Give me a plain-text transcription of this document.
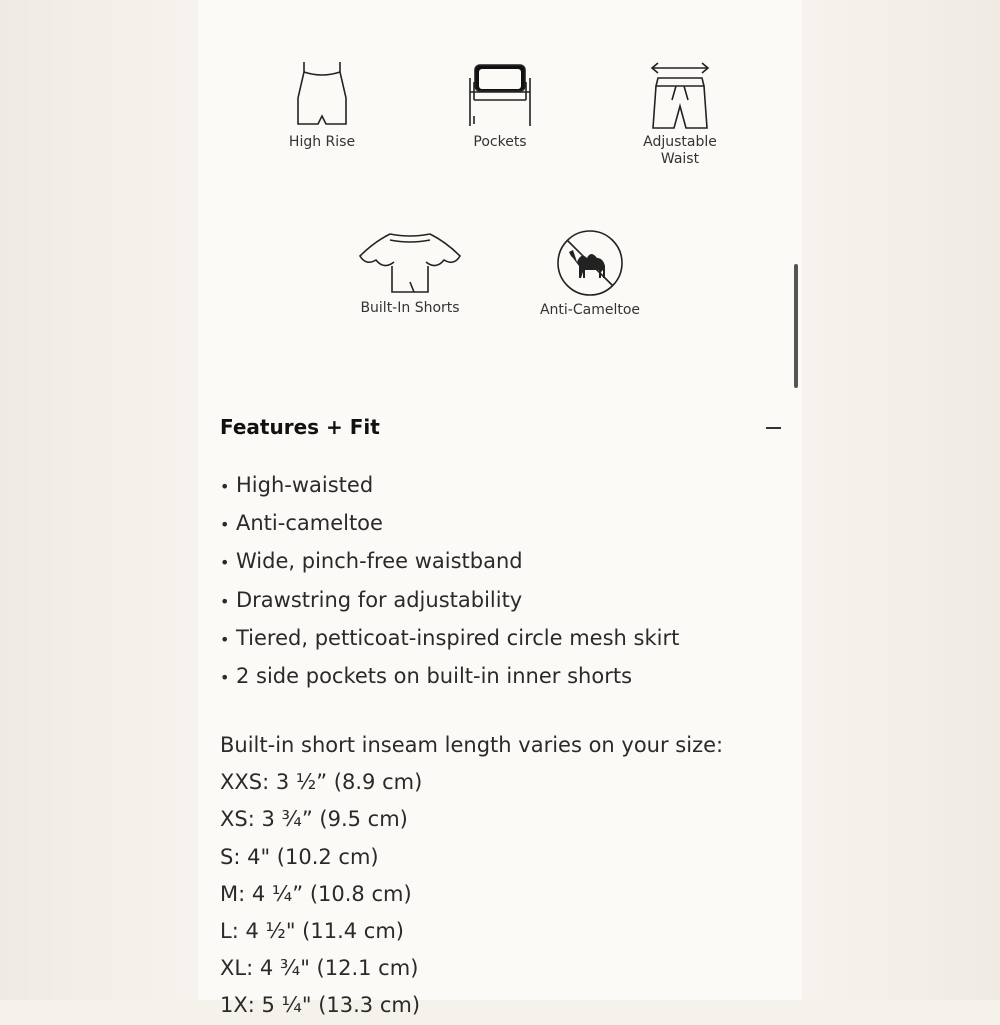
High Rise	Pockets	Adjustable
Waist
Built-In Shorts	Anti-Cameltoe
Features + Fit
• High-waisted
• Anti-cameltoe
• Wide, pinch-free waistband
• Drawstring for adjustability
• Tiered, petticoat-inspired circle mesh skirt
• 2 side pockets on built-in inner shorts
Built-in short inseam length varies on your size:
XXS: 3 ½” (8.9 cm)
XS: 3 ¾” (9.5 cm)
S: 4" (10.2 cm)
M: 4 ¼” (10.8 cm)
L: 4 ½" (11.4 cm)
XL: 4 ¾" (12.1 cm)
1X: 5 ¼" (13.3 cm)
